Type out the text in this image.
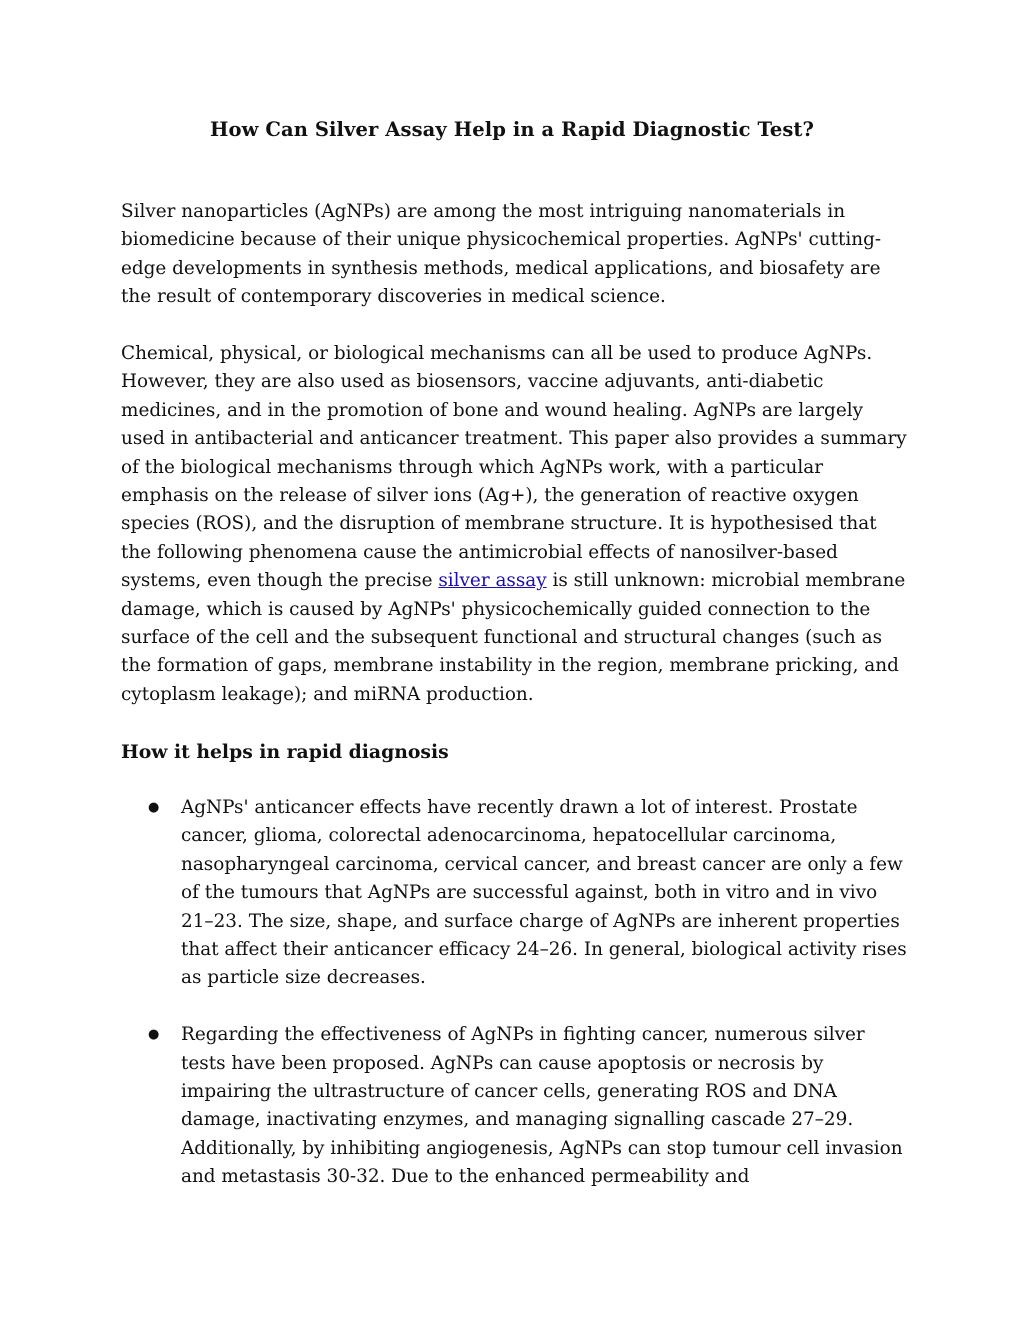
How Can Silver Assay Help in a Rapid Diagnostic Test?

Silver nanoparticles (AgNPs) are among the most intriguing nanomaterials in biomedicine because of their unique physicochemical properties. AgNPs' cutting-edge developments in synthesis methods, medical applications, and biosafety are the result of contemporary discoveries in medical science.

Chemical, physical, or biological mechanisms can all be used to produce AgNPs. However, they are also used as biosensors, vaccine adjuvants, anti-diabetic medicines, and in the promotion of bone and wound healing. AgNPs are largely used in antibacterial and anticancer treatment. This paper also provides a summary of the biological mechanisms through which AgNPs work, with a particular emphasis on the release of silver ions (Ag+), the generation of reactive oxygen species (ROS), and the disruption of membrane structure. It is hypothesised that the following phenomena cause the antimicrobial effects of nanosilver-based systems, even though the precise silver assay is still unknown: microbial membrane damage, which is caused by AgNPs' physicochemically guided connection to the surface of the cell and the subsequent functional and structural changes (such as the formation of gaps, membrane instability in the region, membrane pricking, and cytoplasm leakage); and miRNA production.

How it helps in rapid diagnosis
● AgNPs' anticancer effects have recently drawn a lot of interest. Prostate cancer, glioma, colorectal adenocarcinoma, hepatocellular carcinoma, nasopharyngeal carcinoma, cervical cancer, and breast cancer are only a few of the tumours that AgNPs are successful against, both in vitro and in vivo 21–23. The size, shape, and surface charge of AgNPs are inherent properties that affect their anticancer efficacy 24–26. In general, biological activity rises as particle size decreases.
● Regarding the effectiveness of AgNPs in fighting cancer, numerous silver tests have been proposed. AgNPs can cause apoptosis or necrosis by impairing the ultrastructure of cancer cells, generating ROS and DNA damage, inactivating enzymes, and managing signalling cascade 27–29. Additionally, by inhibiting angiogenesis, AgNPs can stop tumour cell invasion and metastasis 30-32. Due to the enhanced permeability and
